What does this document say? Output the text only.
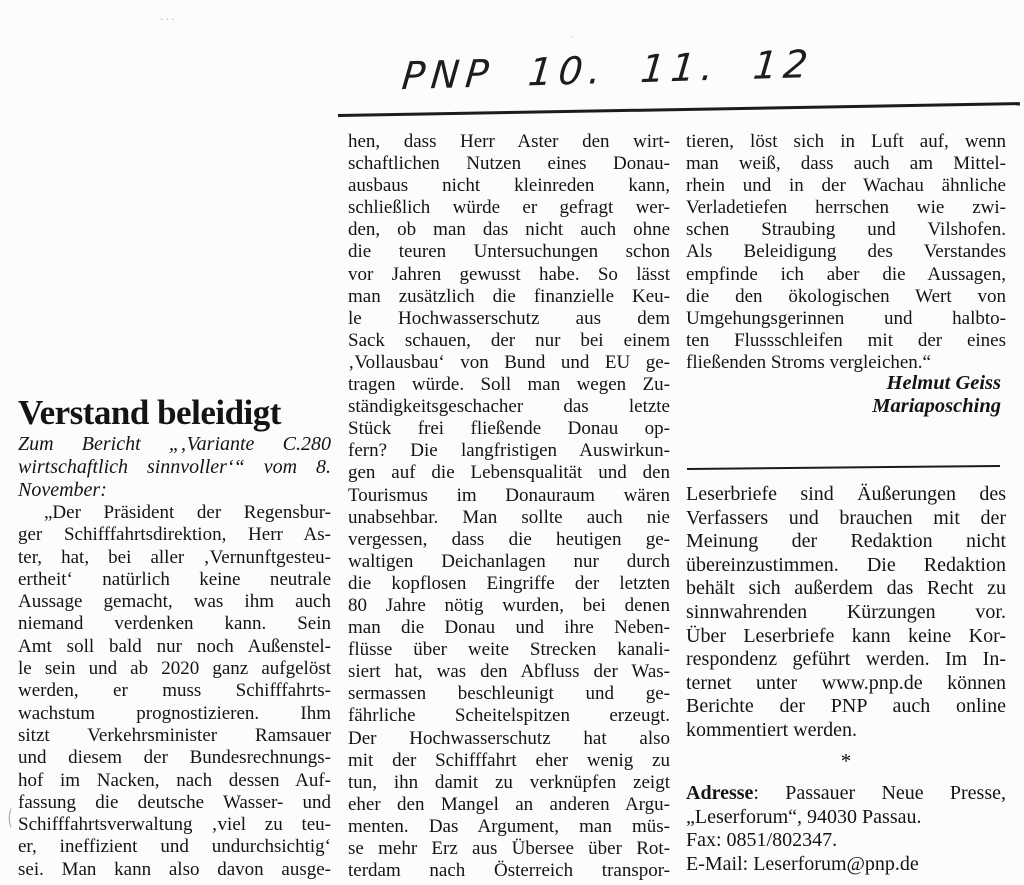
···
·
(
PNP 10. 11. 12
Verstand beleidigt
Zum Bericht „‚Variante C.280
wirtschaftlich sinnvoller‘“ vom 8.
November:
„Der Präsident der Regensbur-
ger Schifffahrtsdirektion, Herr As-
ter, hat, bei aller ‚Vernunftgesteu-
ertheit‘ natürlich keine neutrale
Aussage gemacht, was ihm auch
niemand verdenken kann. Sein
Amt soll bald nur noch Außenstel-
le sein und ab 2020 ganz aufgelöst
werden, er muss Schifffahrts-
wachstum prognostizieren. Ihm
sitzt Verkehrsminister Ramsauer
und diesem der Bundesrechnungs-
hof im Nacken, nach dessen Auf-
fassung die deutsche Wasser- und
Schifffahrtsverwaltung ‚viel zu teu-
er, ineffizient und undurchsichtig‘
sei. Man kann also davon ausge-
hen, dass Herr Aster den wirt-
schaftlichen Nutzen eines Donau-
ausbaus nicht kleinreden kann,
schließlich würde er gefragt wer-
den, ob man das nicht auch ohne
die teuren Untersuchungen schon
vor Jahren gewusst habe. So lässt
man zusätzlich die finanzielle Keu-
le Hochwasserschutz aus dem
Sack schauen, der nur bei einem
‚Vollausbau‘ von Bund und EU ge-
tragen würde. Soll man wegen Zu-
ständigkeitsgeschacher das letzte
Stück frei fließende Donau op-
fern? Die langfristigen Auswirkun-
gen auf die Lebensqualität und den
Tourismus im Donauraum wären
unabsehbar. Man sollte auch nie
vergessen, dass die heutigen ge-
waltigen Deichanlagen nur durch
die kopflosen Eingriffe der letzten
80 Jahre nötig wurden, bei denen
man die Donau und ihre Neben-
flüsse über weite Strecken kanali-
siert hat, was den Abfluss der Was-
sermassen beschleunigt und ge-
fährliche Scheitelspitzen erzeugt.
Der Hochwasserschutz hat also
mit der Schifffahrt eher wenig zu
tun, ihn damit zu verknüpfen zeigt
eher den Mangel an anderen Argu-
menten. Das Argument, man müs-
se mehr Erz aus Übersee über Rot-
terdam nach Österreich transpor-
tieren, löst sich in Luft auf, wenn
man weiß, dass auch am Mittel-
rhein und in der Wachau ähnliche
Verladetiefen herrschen wie zwi-
schen Straubing und Vilshofen.
Als Beleidigung des Verstandes
empfinde ich aber die Aussagen,
die den ökologischen Wert von
Umgehungsgerinnen und halbto-
ten Flussschleifen mit der eines
fließenden Stroms vergleichen.“
Helmut Geiss
Mariaposching
Leserbriefe sind Äußerungen des
Verfassers und brauchen mit der
Meinung der Redaktion nicht
übereinzustimmen. Die Redaktion
behält sich außerdem das Recht zu
sinnwahrenden Kürzungen vor.
Über Leserbriefe kann keine Kor-
respondenz geführt werden. Im In-
ternet unter www.pnp.de können
Berichte der PNP auch online
kommentiert werden.
*
Adresse: Passauer Neue Presse,
„Leserforum“, 94030 Passau.
Fax: 0851/802347.
E-Mail: Leserforum@pnp.de
